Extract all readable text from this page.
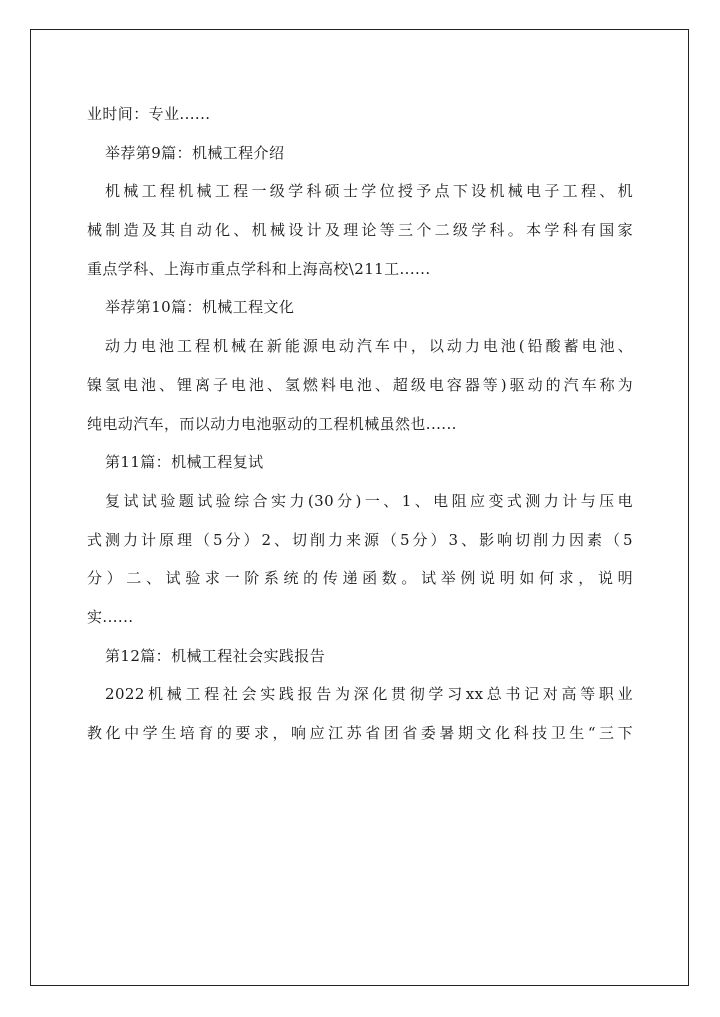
业时间：专业......
举荐第9篇：机械工程介绍
机械工程机械工程一级学科硕士学位授予点下设机械电子工程、机
械制造及其自动化、机械设计及理论等三个二级学科。本学科有国家
重点学科、上海市重点学科和上海高校\211工......
举荐第10篇：机械工程文化
动力电池工程机械在新能源电动汽车中，以动力电池(铅酸蓄电池、
镍氢电池、锂离子电池、氢燃料电池、超级电容器等)驱动的汽车称为
纯电动汽车，而以动力电池驱动的工程机械虽然也......
第11篇：机械工程复试
复试试验题试验综合实力(30分)一、1、电阻应变式测力计与压电
式测力计原理（5分）2、切削力来源（5分）3、影响切削力因素（5
分）二、试验求一阶系统的传递函数。试举例说明如何求，说明
实......
第12篇：机械工程社会实践报告
2022机械工程社会实践报告为深化贯彻学习xx总书记对高等职业
教化中学生培育的要求，响应江苏省团省委暑期文化科技卫生“三下
